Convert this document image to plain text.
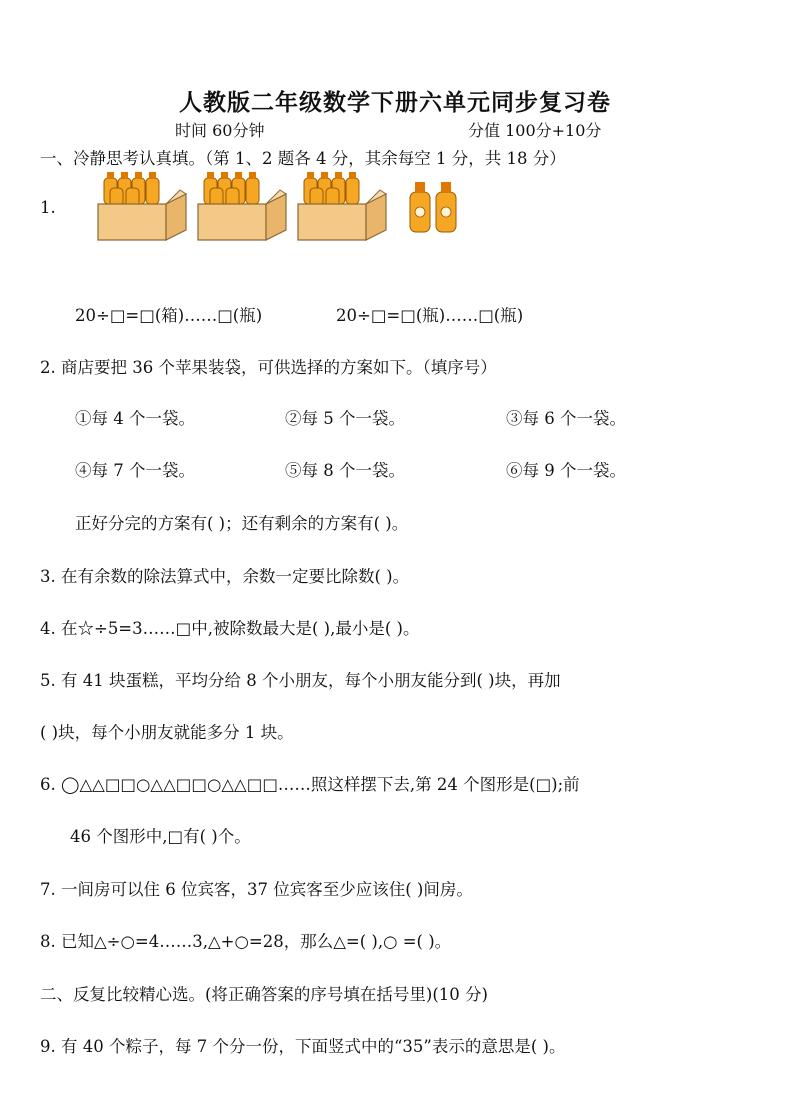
人教版二年级数学下册六单元同步复习卷
时间 60分钟	分值 100分+10分
一、冷静思考认真填。（第 1、2 题各 4 分，其余每空 1 分，共 18 分）
1.
20÷□=□(箱)……□(瓶)	20÷□=□(瓶)……□(瓶)
2. 商店要把 36 个苹果装袋，可供选择的方案如下。（填序号）
①每 4 个一袋。	②每 5 个一袋。	③每 6 个一袋。
④每 7 个一袋。	⑤每 8 个一袋。	⑥每 9 个一袋。
正好分完的方案有( )；还有剩余的方案有( )。
3. 在有余数的除法算式中，余数一定要比除数( )。
4. 在☆÷5=3……□中,被除数最大是( ),最小是( )。
5. 有 41 块蛋糕，平均分给 8 个小朋友，每个小朋友能分到( )块，再加
( )块，每个小朋友就能多分 1 块。
6. ◯△△□□○△△□□○△△□□……照这样摆下去,第 24 个图形是(□);前
46 个图形中,□有( )个。
7. 一间房可以住 6 位宾客，37 位宾客至少应该住( )间房。
8. 已知△÷○=4……3,△+○=28，那么△=( ),○ =( )。
二、反复比较精心选。(将正确答案的序号填在括号里)(10 分)
9. 有 40 个粽子，每 7 个分一份，下面竖式中的“35”表示的意思是( )。
